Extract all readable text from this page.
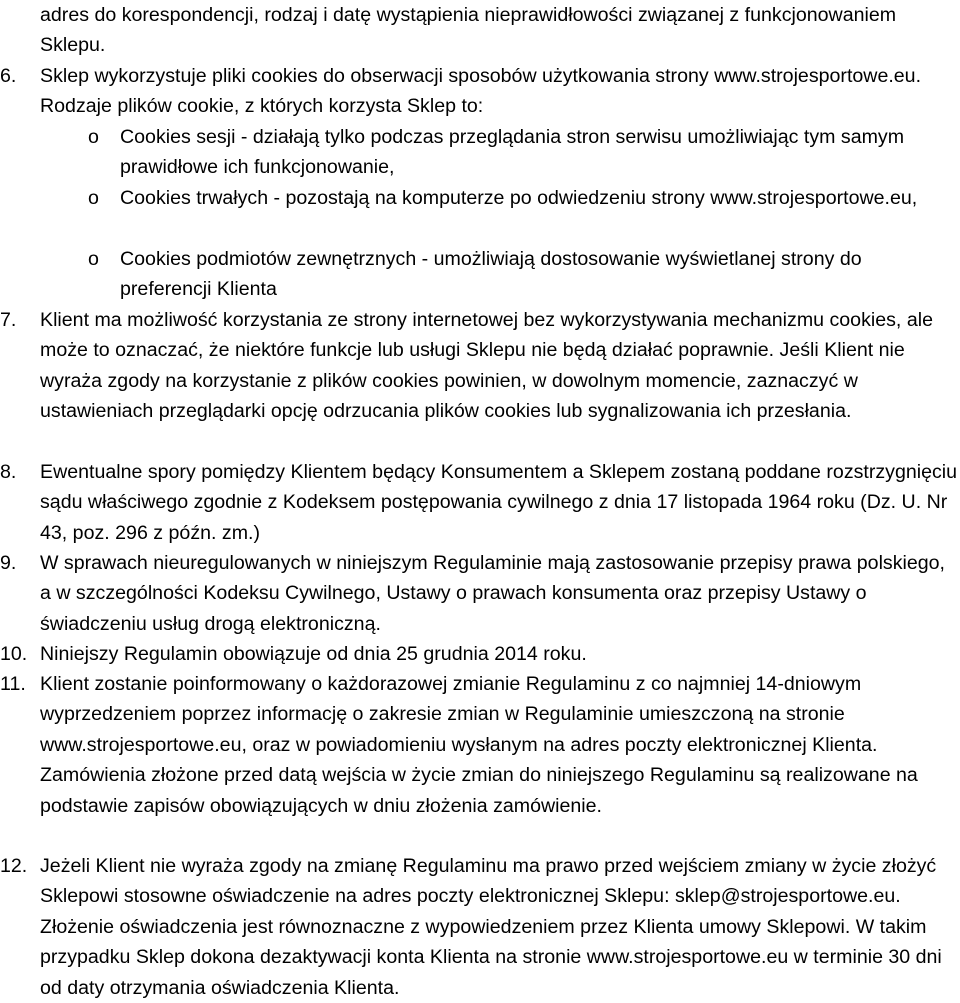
adres do korespondencji, rodzaj i datę wystąpienia nieprawidłowości związanej z funkcjonowaniem Sklepu.

6.	Sklep wykorzystuje pliki cookies do obserwacji sposobów użytkowania strony www.strojesportowe.eu. Rodzaje plików cookie, z których korzysta Sklep to:

o	Cookies sesji - działają tylko podczas przeglądania stron serwisu umożliwiając tym samym prawidłowe ich funkcjonowanie,

o	Cookies trwałych - pozostają na komputerze po odwiedzeniu strony www.strojesportowe.eu,

o	Cookies podmiotów zewnętrznych - umożliwiają dostosowanie wyświetlanej strony do preferencji Klienta

7.	Klient ma możliwość korzystania ze strony internetowej bez wykorzystywania mechanizmu cookies, ale może to oznaczać, że niektóre funkcje lub usługi Sklepu nie będą działać poprawnie. Jeśli Klient nie wyraża zgody na korzystanie z plików cookies powinien, w dowolnym momencie, zaznaczyć w ustawieniach przeglądarki opcję odrzucania plików cookies lub sygnalizowania ich przesłania.

8.	Ewentualne spory pomiędzy Klientem będący Konsumentem a Sklepem zostaną poddane rozstrzygnięciu sądu właściwego zgodnie z Kodeksem postępowania cywilnego z dnia 17 listopada 1964 roku (Dz. U. Nr 43, poz. 296 z późn. zm.)

9.	W sprawach nieuregulowanych w niniejszym Regulaminie mają zastosowanie przepisy prawa polskiego, a w szczególności Kodeksu Cywilnego, Ustawy o prawach konsumenta oraz przepisy Ustawy o świadczeniu usług drogą elektroniczną.

10. Niniejszy Regulamin obowiązuje od dnia 25 grudnia 2014 roku.

11. Klient zostanie poinformowany o każdorazowej zmianie Regulaminu z co najmniej 14-dniowym wyprzedzeniem poprzez informację o zakresie zmian w Regulaminie umieszczoną na stronie www.strojesportowe.eu, oraz w powiadomieniu wysłanym na adres poczty elektronicznej Klienta. Zamówienia złożone przed datą wejścia w życie zmian do niniejszego Regulaminu są realizowane na podstawie zapisów obowiązujących w dniu złożenia zamówienie.

12. Jeżeli Klient nie wyraża zgody na zmianę Regulaminu ma prawo przed wejściem zmiany w życie złożyć Sklepowi stosowne oświadczenie na adres poczty elektronicznej Sklepu: sklep@strojesportowe.eu. Złożenie oświadczenia jest równoznaczne z wypowiedzeniem przez Klienta umowy Sklepowi. W takim przypadku Sklep dokona dezaktywacji konta Klienta na stronie www.strojesportowe.eu w terminie 30 dni od daty otrzymania oświadczenia Klienta.
